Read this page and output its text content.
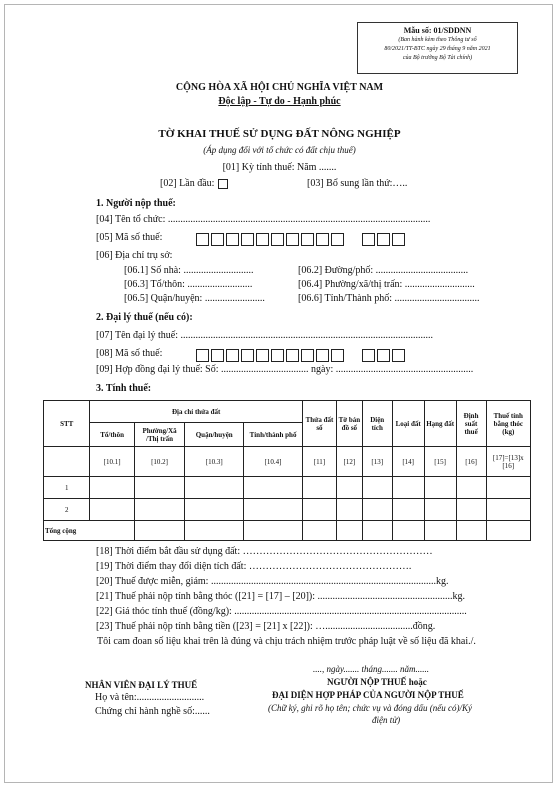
Mẫu số: 01/SDDNN
(Ban hành kèm theo Thông tư số
80/2021/TT-BTC ngày 29 tháng 9 năm 2021
của Bộ trưởng Bộ Tài chính)
CỘNG HÒA XÃ HỘI CHỦ NGHĨA VIỆT NAM
Độc lập - Tự do - Hạnh phúc
TỜ KHAI THUẾ SỬ DỤNG ĐẤT NÔNG NGHIỆP
(Áp dụng đối với tổ chức có đất chịu thuế)
[01] Kỳ tính thuế: Năm .......
[02] Lần đầu:	[03] Bổ sung lần thứ:…..
1. Người nộp thuế:
[04] Tên tổ chức: .........................................................................................................
[05] Mã số thuế:

[06] Địa chỉ trụ sở:
[06.1] Số nhà: ............................	[06.2] Đường/phố: .....................................
[06.3] Tổ/thôn: ..........................	[06.4] Phường/xã/thị trấn: ............................
[06.5] Quận/huyện: ........................	[06.6] Tỉnh/Thành phố: ..................................
2. Đại lý thuế (nếu có):
[07] Tên đại lý thuế: .....................................................................................................
[08] Mã số thuế:

[09] Hợp đồng đại lý thuế: Số: ................................... ngày: .......................................................
3. Tính thuế:
STT	Địa chỉ thửa đất				Thửa đất số	Tờ bản đồ số	Diện tích	Loại đất	Hạng đất	Định suất thuế	Thuế tính bằng thóc (kg)
	Tổ/thôn	Phường/Xã /Thị trấn	Quận/huyện	Tỉnh/thành phố							
	[10.1]	[10.2]	[10.3]	[10.4]	[11]	[12]	[13]	[14]	[15]	[16]	[17]=[13]x [16]
1											
2											
Tổng cộng											
[18] Thời điểm bắt đầu sử dụng đất: …………………………………………………
[19] Thời điểm thay đổi diện tích đất: ………………………………………….
[20] Thuế được miễn, giảm: ..........................................................................................kg.
[21] Thuế phải nộp tính bằng thóc ([21] = [17] – [20]): ......................................................kg.
[22] Giá thóc tính thuế (đồng/kg): .............................................................................................
[23] Thuế phải nộp tính bằng tiền ([23] = [21] x [22]): …...................................đồng.
Tôi cam đoan số liệu khai trên là đúng và chịu trách nhiệm trước pháp luật về số liệu đã khai./.
...., ngày....... tháng....... năm......
NHÂN VIÊN ĐẠI LÝ THUẾ
Họ và tên:...........................
Chứng chỉ hành nghề số:......
NGƯỜI NỘP THUẾ hoặc
ĐẠI DIỆN HỢP PHÁP CỦA NGƯỜI NỘP THUẾ
(Chữ ký, ghi rõ họ tên; chức vụ và đóng dấu (nếu có)/Ký
điện tử)
